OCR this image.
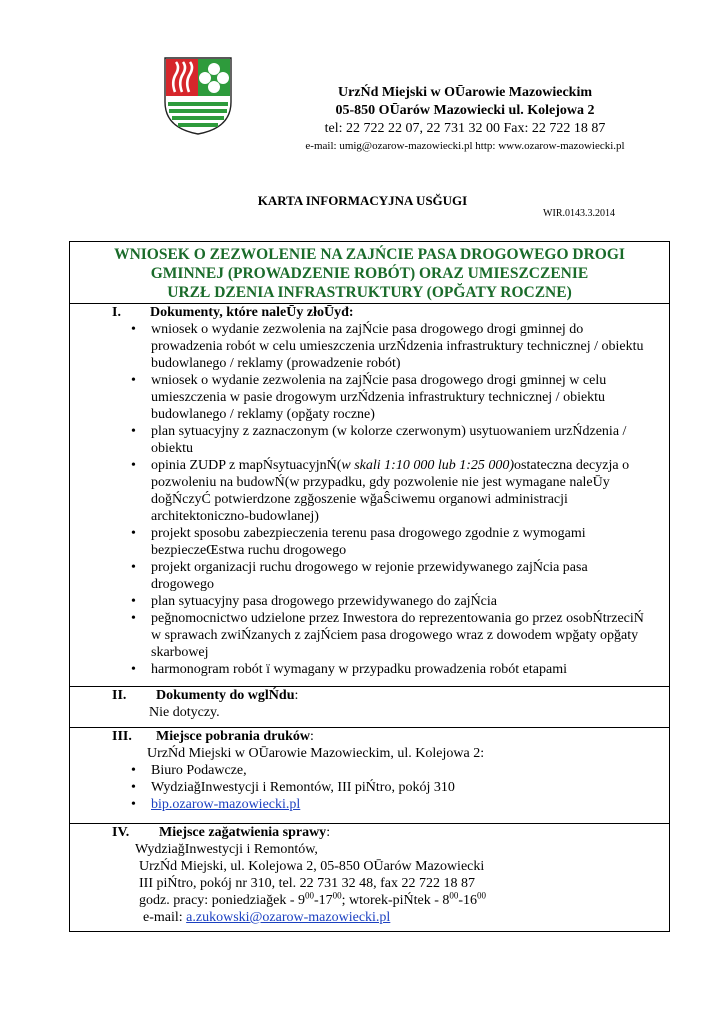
UrzŃd Miejski w OŪarowie Mazowieckim
05-850 OŪarów Mazowiecki ul. Kolejowa 2
tel: 22 722 22 07, 22 731 32 00 Fax: 22 722 18 87
e-mail: umig@ozarow-mazowiecki.pl http: www.ozarow-mazowiecki.pl
KARTA INFORMACYJNA USĞUGI
WIR.0143.3.2014
WNIOSEK O ZEZWOLENIE NA ZAJŃCIE PASA DROGOWEGO DROGI
GMINNEJ (PROWADZENIE ROBÓT) ORAZ UMIESZCZENIE
URZŁ DZENIA INFRASTRUKTURY (OPĞATY ROCZNE)
I. Dokumenty, które naleŪy złoŪyđ:
• wniosek o wydanie zezwolenia na zajŃcie pasa drogowego drogi gminnej do prowadzenia robót w celu umieszczenia urzŃdzenia infrastruktury technicznej / obiektu budowlanego / reklamy (prowadzenie robót)
• wniosek o wydanie zezwolenia na zajŃcie pasa drogowego drogi gminnej w celu umieszczenia w pasie drogowym urzŃdzenia infrastruktury technicznej / obiektu budowlanego / reklamy (opğaty roczne)
• plan sytuacyjny z zaznaczonym (w kolorze czerwonym) usytuowaniem urzŃdzenia / obiektu
• opinia ZUDP z mapŃsytuacyjnŃ(w skali 1:10 000 lub 1:25 000)ostateczna decyzja o pozwoleniu na budowŃ(w przypadku, gdy pozwolenie nie jest wymagane naleŪy doğŃczyĆ potwierdzone zgğoszenie wğaŜciwemu organowi administracji architektoniczno-budowlanej)
• projekt sposobu zabezpieczenia terenu pasa drogowego zgodnie z wymogami bezpieczeŒstwa ruchu drogowego
• projekt organizacji ruchu drogowego w rejonie przewidywanego zajŃcia pasa drogowego
• plan sytuacyjny pasa drogowego przewidywanego do zajŃcia
• peğnomocnictwo udzielone przez Inwestora do reprezentowania go przez osobŃtrzeciŃ w sprawach zwiŃzanych z zajŃciem pasa drogowego wraz z dowodem wpğaty opğaty skarbowej
• harmonogram robót ï wymagany w przypadku prowadzenia robót etapami
II. Dokumenty do wglŃdu:
Nie dotyczy.
III. Miejsce pobrania druków:
UrzŃd Miejski w OŪarowie Mazowieckim, ul. Kolejowa 2:
• Biuro Podawcze,
• WydziağInwestycji i Remontów, III piŃtro, pokój 310
• bip.ozarow-mazowiecki.pl
IV. Miejsce zağatwienia sprawy:
WydziağInwestycji i Remontów,
UrzŃd Miejski, ul. Kolejowa 2, 05-850 OŪarów Mazowiecki
III piŃtro, pokój nr 310, tel. 22 731 32 48, fax 22 722 18 87
godz. pracy: poniedziağek - $9^{00}-17^{00}$; wtorek-piŃtek - $8^{00}-16^{00}$
e-mail: a.zukowski@ozarow-mazowiecki.pl
